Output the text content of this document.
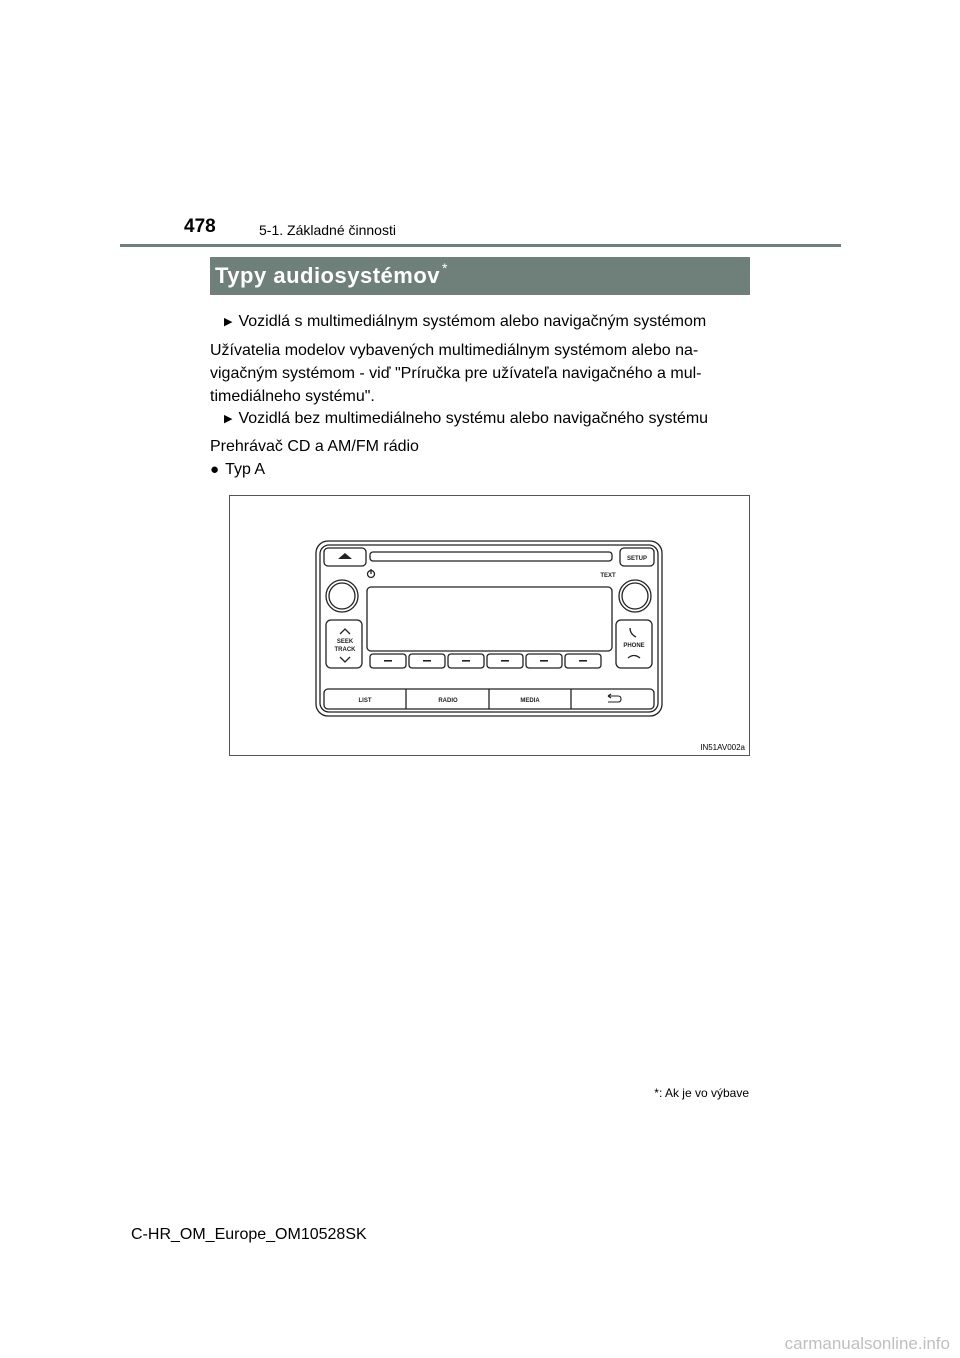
478	5-1. Základné činnosti
Typy audiosystémov *
▶ Vozidlá s multimediálnym systémom alebo navigačným systémom
Užívatelia modelov vybavených multimediálnym systémom alebo na-
vigačným systémom - viď "Príručka pre užívateľa navigačného a mul-
timediálneho systému".
▶ Vozidlá bez multimediálneho systému alebo navigačného systému
Prehrávač CD a AM/FM rádio
● Typ A
SETUP
TEXT
SEEK
TRACK
PHONE
LIST	RADIO	MEDIA
IN51AV002a
*: Ak je vo výbave
C-HR_OM_Europe_OM10528SK
carmanualsonline.info
